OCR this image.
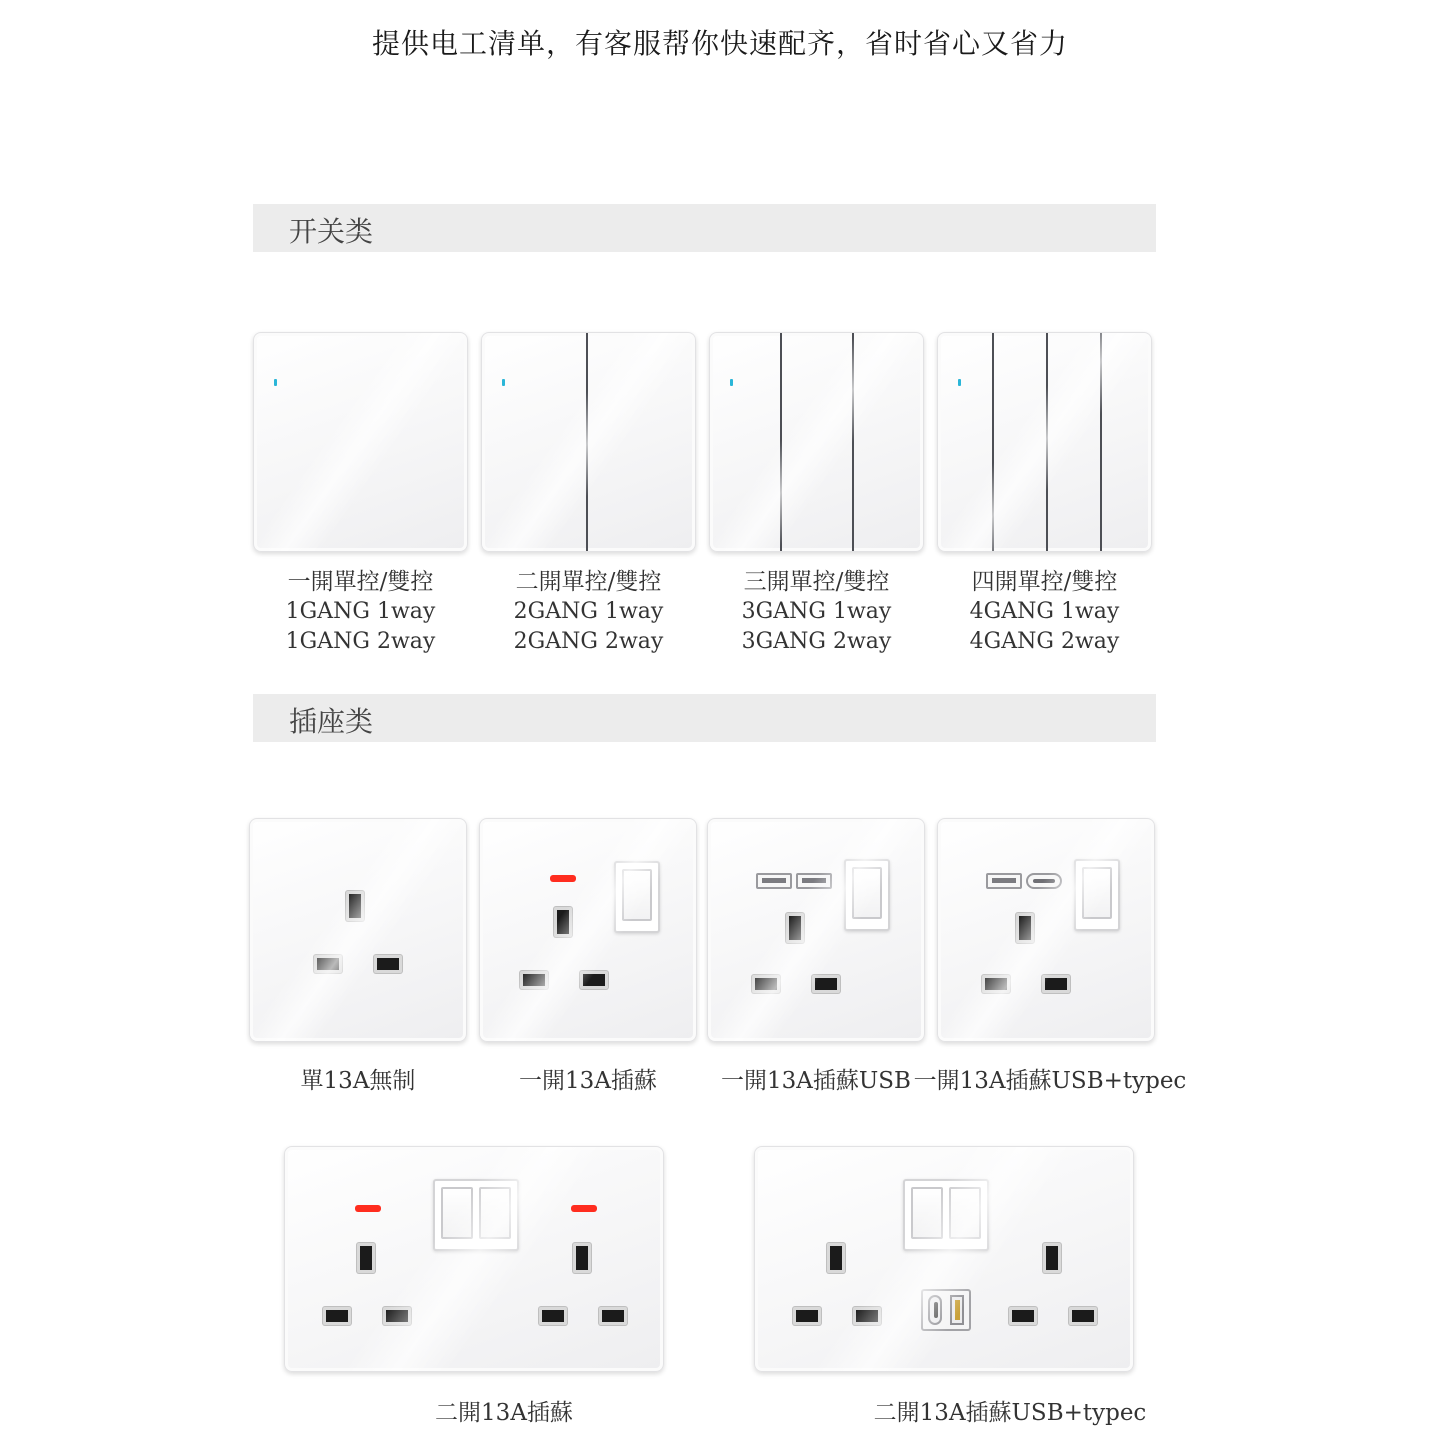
提供电工清单，有客服帮你快速配齐，省时省心又省力
开关类
一開單控/雙控
1GANG 1way
1GANG 2way
二開單控/雙控
2GANG 1way
2GANG 2way
三開單控/雙控
3GANG 1way
3GANG 2way
四開單控/雙控
4GANG 1way
4GANG 2way
插座类
單13A無制	一開13A插蘇	一開13A插蘇USB 一開13A插蘇USB+typec
二開13A插蘇	二開13A插蘇USB+typec
